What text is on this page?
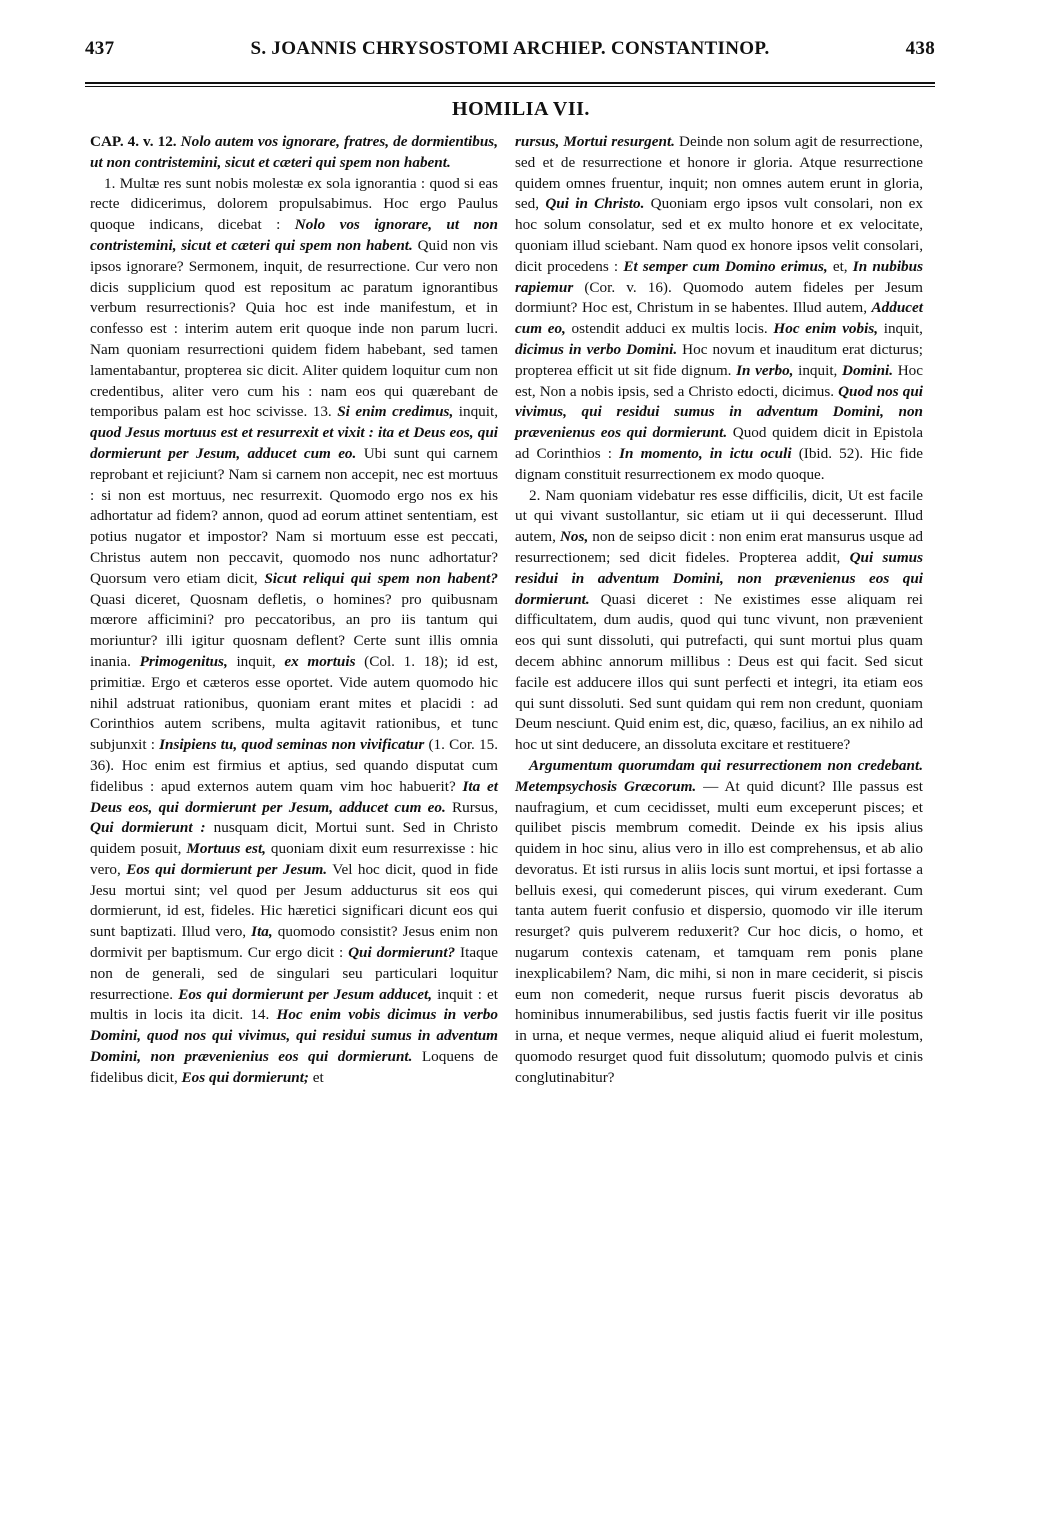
437	S. JOANNIS CHRYSOSTOMI ARCHIEP. CONSTANTINOP.	438
HOMILIA VII.

CAP. 4. v. 12. Nolo autem vos ignorare, fratres, de dormientibus, ut non contristemini, sicut et cæteri qui spem non habent.

1. Multæ res sunt nobis molestæ ex sola ignorantia : quod si eas recte didicerimus, dolorem propulsabimus. Hoc ergo Paulus quoque indicans, dicebat : Nolo vos ignorare, ut non contristemini, sicut et cæteri qui spem non habent. Quid non vis ipsos ignorare? Sermonem, inquit, de resurrectione. Cur vero non dicis supplicium quod est repositum ac paratum ignorantibus verbum resurrectionis? Quia hoc est inde manifestum, et in confesso est : interim autem erit quoque inde non parum lucri. Nam quoniam resurrectioni quidem fidem habebant, sed tamen lamentabantur, propterea sic dicit. Aliter quidem loquitur cum non credentibus, aliter vero cum his : nam eos qui quærebant de temporibus palam est hoc scivisse. 13. Si enim credimus, inquit, quod Jesus mortuus est et resurrexit et vixit : ita et Deus eos, qui dormierunt per Jesum, adducet cum eo. Ubi sunt qui carnem reprobant et rejiciunt? Nam si carnem non accepit, nec est mortuus : si non est mortuus, nec resurrexit. Quomodo ergo nos ex his adhortatur ad fidem? annon, quod ad eorum attinet sententiam, est potius nugator et impostor? Nam si mortuum esse est peccati, Christus autem non peccavit, quomodo nos nunc adhortatur? Quorsum vero etiam dicit, Sicut reliqui qui spem non habent? Quasi diceret, Quosnam defletis, o homines? pro quibusnam mœrore afficimini? pro peccatoribus, an pro iis tantum qui moriuntur? illi igitur quosnam deflent? Certe sunt illis omnia inania. Primogenitus, inquit, ex mortuis (Col. 1. 18); id est, primitiæ. Ergo et cæteros esse oportet. Vide autem quomodo hic nihil adstruat rationibus, quoniam erant mites et placidi : ad Corinthios autem scribens, multa agitavit rationibus, et tunc subjunxit : Insipiens tu, quod seminas non vivificatur (1. Cor. 15. 36). Hoc enim est firmius et aptius, sed quando disputat cum fidelibus : apud externos autem quam vim hoc habuerit? Ita et Deus eos, qui dormierunt per Jesum, adducet cum eo. Rursus, Qui dormierunt : nusquam dicit, Mortui sunt. Sed in Christo quidem posuit, Mortuus est, quoniam dixit eum resurrexisse : hic vero, Eos qui dormierunt per Jesum. Vel hoc dicit, quod in fide Jesu mortui sint; vel quod per Jesum adducturus sit eos qui dormierunt, id est, fideles. Hic hæretici significari dicunt eos qui sunt baptizati. Illud vero, Ita, quomodo consistit? Jesus enim non dormivit per baptismum. Cur ergo dicit : Qui dormierunt? Itaque non de generali, sed de singulari seu particulari loquitur resurrectione. Eos qui dormierunt per Jesum adducet, inquit : et multis in locis ita dicit. 14. Hoc enim vobis dicimus in verbo Domini, quod nos qui vivimus, qui residui sumus in adventum Domini, non prævenienius eos qui dormierunt. Loquens de fidelibus dicit, Eos qui dormierunt; et

rursus, Mortui resurgent. Deinde non solum agit de resurrectione, sed et de resurrectione et honore ir gloria. Atque resurrectione quidem omnes fruentur, inquit; non omnes autem erunt in gloria, sed, Qui in Christo. Quoniam ergo ipsos vult consolari, non ex hoc solum consolatur, sed et ex multo honore et ex velocitate, quoniam illud sciebant. Nam quod ex honore ipsos velit consolari, dicit procedens : Et semper cum Domino erimus, et, In nubibus rapiemur (Cor. v. 16). Quomodo autem fideles per Jesum dormiunt? Hoc est, Christum in se habentes. Illud autem, Adducet cum eo, ostendit adduci ex multis locis. Hoc enim vobis, inquit, dicimus in verbo Domini. Hoc novum et inauditum erat dicturus; propterea efficit ut sit fide dignum. In verbo, inquit, Domini. Hoc est, Non a nobis ipsis, sed a Christo edocti, dicimus. Quod nos qui vivimus, qui residui sumus in adventum Domini, non prævenienus eos qui dormierunt. Quod quidem dicit in Epistola ad Corinthios : In momento, in ictu oculi (Ibid. 52). Hic fide dignam constituit resurrectionem ex modo quoque.

2. Nam quoniam videbatur res esse difficilis, dicit, Ut est facile ut qui vivant sustollantur, sic etiam ut ii qui decesserunt. Illud autem, Nos, non de seipso dicit : non enim erat mansurus usque ad resurrectionem; sed dicit fideles. Propterea addit, Qui sumus residui in adventum Domini, non prævenienus eos qui dormierunt. Quasi diceret : Ne existimes esse aliquam rei difficultatem, dum audis, quod qui tunc vivunt, non prævenient eos qui sunt dissoluti, qui putrefacti, qui sunt mortui plus quam decem abhinc annorum millibus : Deus est qui facit. Sed sicut facile est adducere illos qui sunt perfecti et integri, ita etiam eos qui sunt dissoluti. Sed sunt quidam qui rem non credunt, quoniam Deum nesciunt. Quid enim est, dic, quæso, facilius, an ex nihilo ad hoc ut sint deducere, an dissoluta excitare et restituere?

Argumentum quorumdam qui resurrectionem non credebant. Metempsychosis Græcorum. — At quid dicunt? Ille passus est naufragium, et cum cecidisset, multi eum exceperunt pisces; et quilibet piscis membrum comedit. Deinde ex his ipsis alius quidem in hoc sinu, alius vero in illo est comprehensus, et ab alio devoratus. Et isti rursus in aliis locis sunt mortui, et ipsi fortasse a belluis exesi, qui comederunt pisces, qui virum exederant. Cum tanta autem fuerit confusio et dispersio, quomodo vir ille iterum resurget? quis pulverem reduxerit? Cur hoc dicis, o homo, et nugarum contexis catenam, et tamquam rem ponis plane inexplicabilem? Nam, dic mihi, si non in mare ceciderit, si piscis eum non comederit, neque rursus fuerit piscis devoratus ab hominibus innumerabilibus, sed justis factis fuerit vir ille positus in urna, et neque vermes, neque aliquid aliud ei fuerit molestum, quomodo resurget quod fuit dissolutum; quomodo pulvis et cinis conglutinabitur?
